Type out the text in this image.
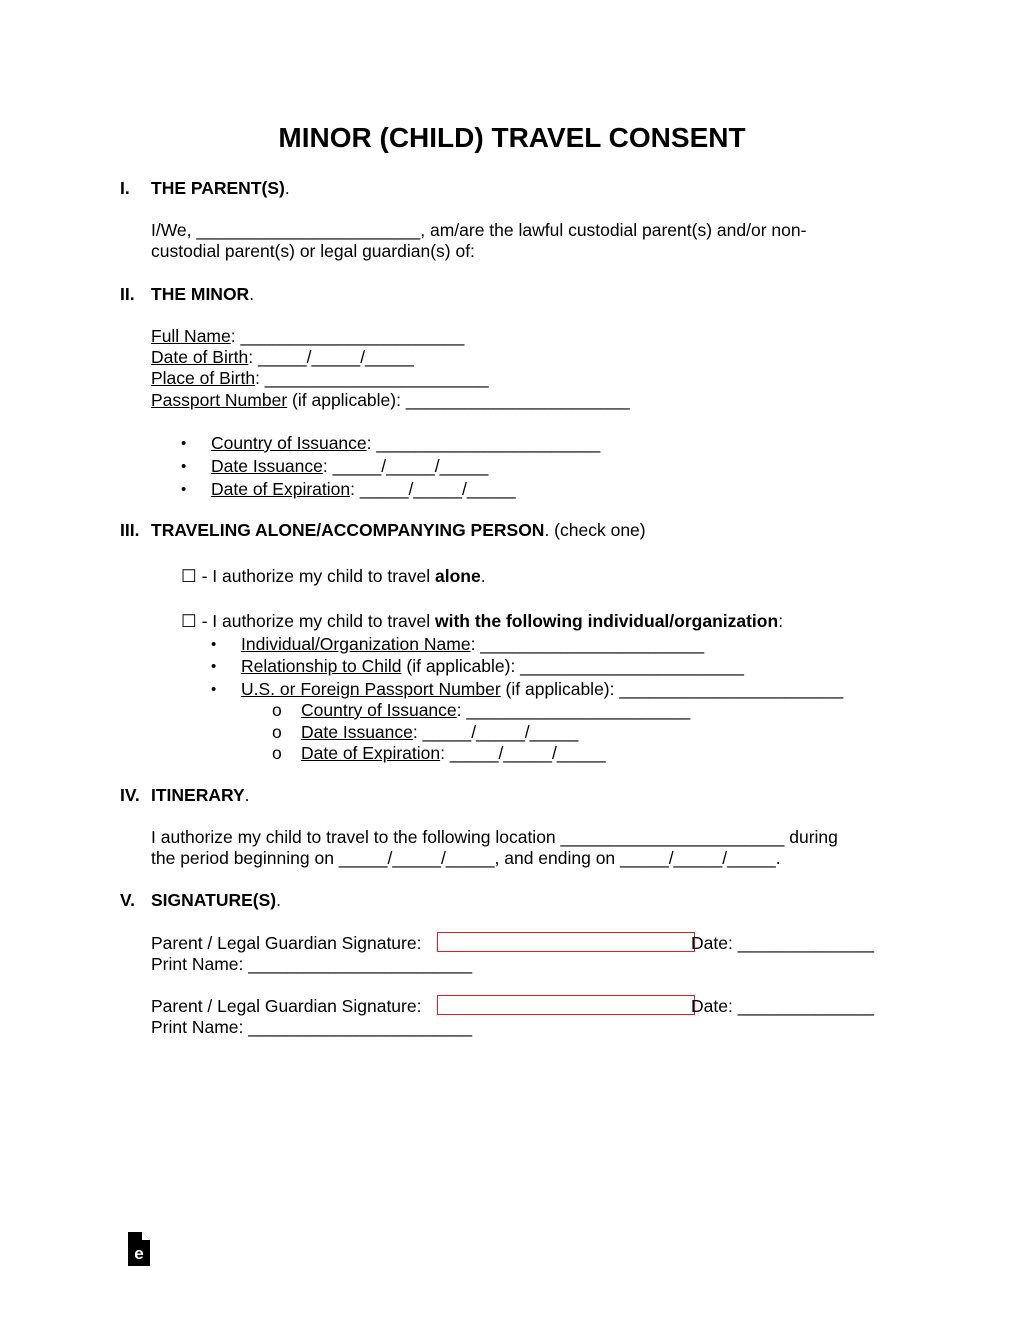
MINOR (CHILD) TRAVEL CONSENT
I. THE PARENT(S).
I/We, _______________________, am/are the lawful custodial parent(s) and/or non-
custodial parent(s) or legal guardian(s) of:
II. THE MINOR.
Full Name: _______________________
Date of Birth: _____/_____/_____
Place of Birth: _______________________
Passport Number (if applicable): _______________________
• Country of Issuance: _______________________
• Date Issuance: _____/_____/_____
• Date of Expiration: _____/_____/_____
III. TRAVELING ALONE/ACCOMPANYING PERSON. (check one)
☐ - I authorize my child to travel alone.
☐ - I authorize my child to travel with the following individual/organization:
• Individual/Organization Name: _______________________
• Relationship to Child (if applicable): _______________________
• U.S. or Foreign Passport Number (if applicable): _______________________
o Country of Issuance: _______________________
o Date Issuance: _____/_____/_____
o Date of Expiration: _____/_____/_____
IV. ITINERARY.
I authorize my child to travel to the following location _______________________ during
the period beginning on _____/_____/_____, and ending on _____/_____/_____.
V. SIGNATURE(S).
Parent / Legal Guardian Signature:	Date: ______________
Print Name: _______________________
Parent / Legal Guardian Signature:	Date: ______________
Print Name: _______________________
e
